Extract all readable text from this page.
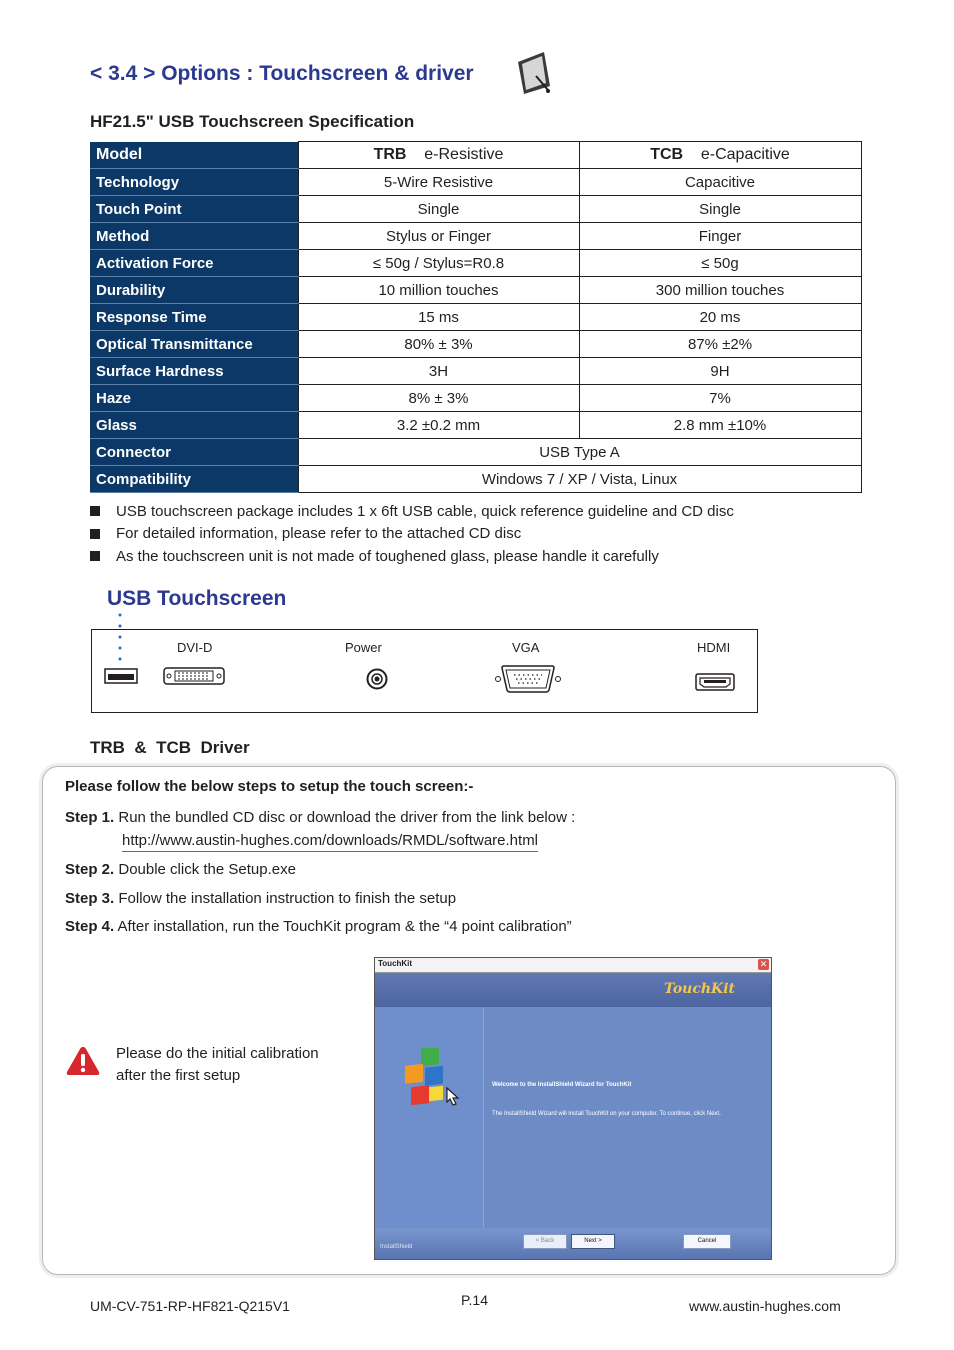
< 3.4 > Options : Touchscreen & driver
HF21.5" USB Touchscreen Specification
Model	TRB e-Resistive	TCB e-Capacitive
Technology	5-Wire Resistive	Capacitive
Touch Point	Single	Single
Method	Stylus or Finger	Finger
Activation Force	≤ 50g / Stylus=R0.8	≤ 50g
Durability	10 million touches	300 million touches
Response Time	15 ms	20 ms
Optical Transmittance	80% ± 3%	87% ±2%
Surface Hardness	3H	9H
Haze	8% ± 3%	7%
Glass	3.2 ±0.2 mm	2.8 mm ±10%
Connector	USB Type A	
Compatibility	Windows 7 / XP / Vista, Linux	
USB touchscreen package includes 1 x 6ft USB cable, quick reference guideline and CD disc
For detailed information, please refer to the attached CD disc
As the touchscreen unit is not made of toughened glass, please handle it carefully
USB Touchscreen
DVI-D	Power	VGA	HDMI
TRB  &  TCB  Driver
Please follow the below steps to setup the touch screen:-
Step 1. Run the bundled CD disc or download the driver from the link below :
http://www.austin-hughes.com/downloads/RMDL/software.html
Step 2. Double click the Setup.exe
Step 3. Follow the installation instruction to finish the setup
Step 4. After installation, run the TouchKit program & the “4 point calibration”
Please do the initial calibration
after the first setup
TouchKit	✕
TouchKit
Welcome to the InstallShield Wizard for TouchKit
The InstallShield Wizard will install TouchKit on your computer. To continue, click Next.
InstallShield
< Back	Next >	Cancel
UM-CV-751-RP-HF821-Q215V1	P.14	www.austin-hughes.com
